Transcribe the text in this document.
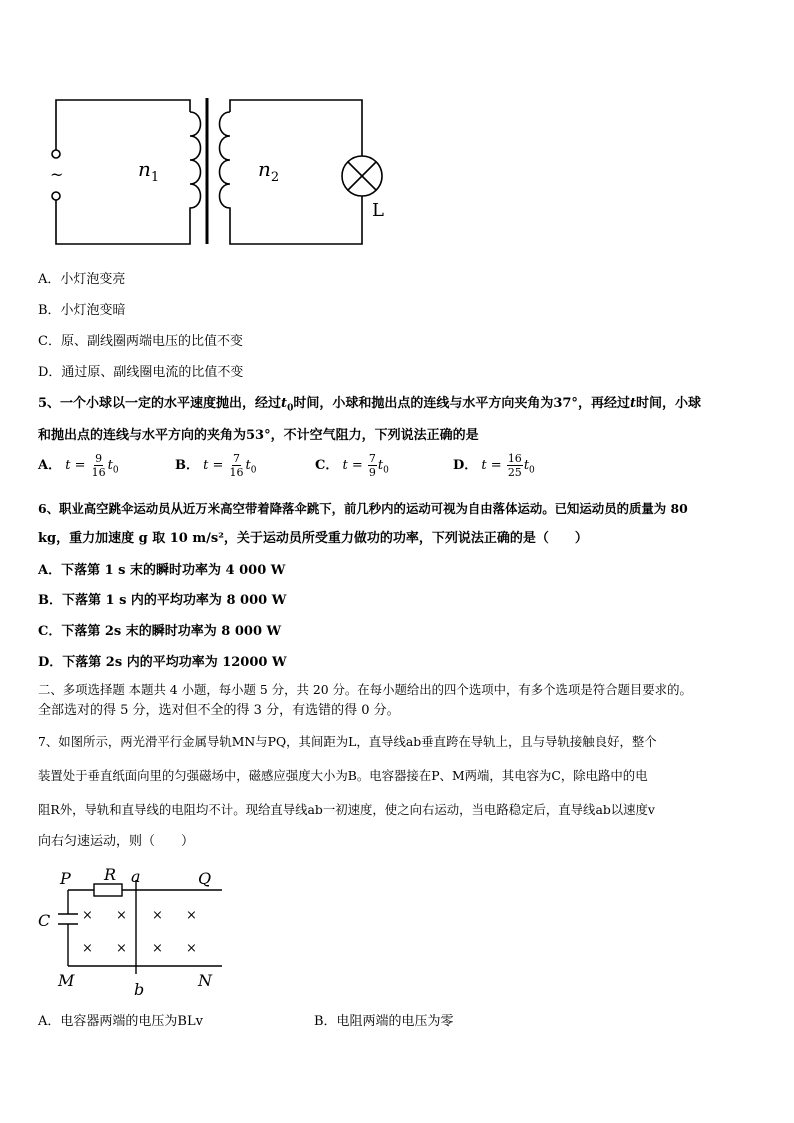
~	$n_1$	$n_2$
L
A．小灯泡变亮
B．小灯泡变暗
C．原、副线圈两端电压的比值不变
D．通过原、副线圈电流的比值不变
5、一个小球以一定的水平速度抛出，经过$t_0$时间，小球和抛出点的连线与水平方向夹角为37°，再经过t时间，小球
和抛出点的连线与水平方向的夹角为53°，不计空气阻力，下列说法正确的是
A． $t = \frac{9}{16} t_0$	B． $t = \frac{7}{16} t_0$	C． $t = \frac{7}{9} t_0$	D． $t = \frac{16}{25} t_0$
6、职业高空跳伞运动员从近万米高空带着降落伞跳下，前几秒内的运动可视为自由落体运动。已知运动员的质量为 80
kg，重力加速度 g 取 10 m/s²，关于运动员所受重力做功的功率，下列说法正确的是（　　）
A．下落第 1 s 末的瞬时功率为 4 000 W
B．下落第 1 s 内的平均功率为 8 000 W
C．下落第 2s 末的瞬时功率为 8 000 W
D．下落第 2s 内的平均功率为 12000 W
二、多项选择题 本题共 4 小题，每小题 5 分，共 20 分。在每小题给出的四个选项中，有多个选项是符合题目要求的。
全部选对的得 5 分，选对但不全的得 3 分，有选错的得 0 分。
7、如图所示，两光滑平行金属导轨MN与PQ，其间距为L，直导线ab垂直跨在导轨上，且与导轨接触良好，整个
装置处于垂直纸面向里的匀强磁场中，磁感应强度大小为B。电容器接在P、M两端，其电容为C，除电路中的电
阻R外，导轨和直导线的电阻均不计。现给直导线ab一初速度，使之向右运动，当电路稳定后，直导线ab以速度v
向右匀速运动，则（　　）
P R a	Q
C
M	N
b
× × × ×
× × × ×
A．电容器两端的电压为BLv	B．电阻两端的电压为零
